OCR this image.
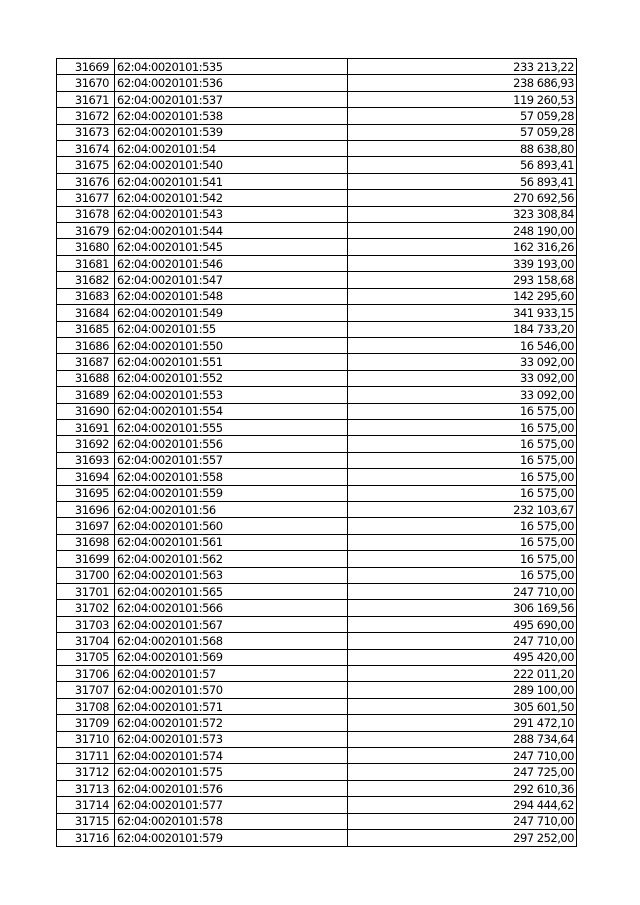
31669	62:04:0020101:535	233 213,22
31670	62:04:0020101:536	238 686,93
31671	62:04:0020101:537	119 260,53
31672	62:04:0020101:538	57 059,28
31673	62:04:0020101:539	57 059,28
31674	62:04:0020101:54	88 638,80
31675	62:04:0020101:540	56 893,41
31676	62:04:0020101:541	56 893,41
31677	62:04:0020101:542	270 692,56
31678	62:04:0020101:543	323 308,84
31679	62:04:0020101:544	248 190,00
31680	62:04:0020101:545	162 316,26
31681	62:04:0020101:546	339 193,00
31682	62:04:0020101:547	293 158,68
31683	62:04:0020101:548	142 295,60
31684	62:04:0020101:549	341 933,15
31685	62:04:0020101:55	184 733,20
31686	62:04:0020101:550	16 546,00
31687	62:04:0020101:551	33 092,00
31688	62:04:0020101:552	33 092,00
31689	62:04:0020101:553	33 092,00
31690	62:04:0020101:554	16 575,00
31691	62:04:0020101:555	16 575,00
31692	62:04:0020101:556	16 575,00
31693	62:04:0020101:557	16 575,00
31694	62:04:0020101:558	16 575,00
31695	62:04:0020101:559	16 575,00
31696	62:04:0020101:56	232 103,67
31697	62:04:0020101:560	16 575,00
31698	62:04:0020101:561	16 575,00
31699	62:04:0020101:562	16 575,00
31700	62:04:0020101:563	16 575,00
31701	62:04:0020101:565	247 710,00
31702	62:04:0020101:566	306 169,56
31703	62:04:0020101:567	495 690,00
31704	62:04:0020101:568	247 710,00
31705	62:04:0020101:569	495 420,00
31706	62:04:0020101:57	222 011,20
31707	62:04:0020101:570	289 100,00
31708	62:04:0020101:571	305 601,50
31709	62:04:0020101:572	291 472,10
31710	62:04:0020101:573	288 734,64
31711	62:04:0020101:574	247 710,00
31712	62:04:0020101:575	247 725,00
31713	62:04:0020101:576	292 610,36
31714	62:04:0020101:577	294 444,62
31715	62:04:0020101:578	247 710,00
31716	62:04:0020101:579	297 252,00
